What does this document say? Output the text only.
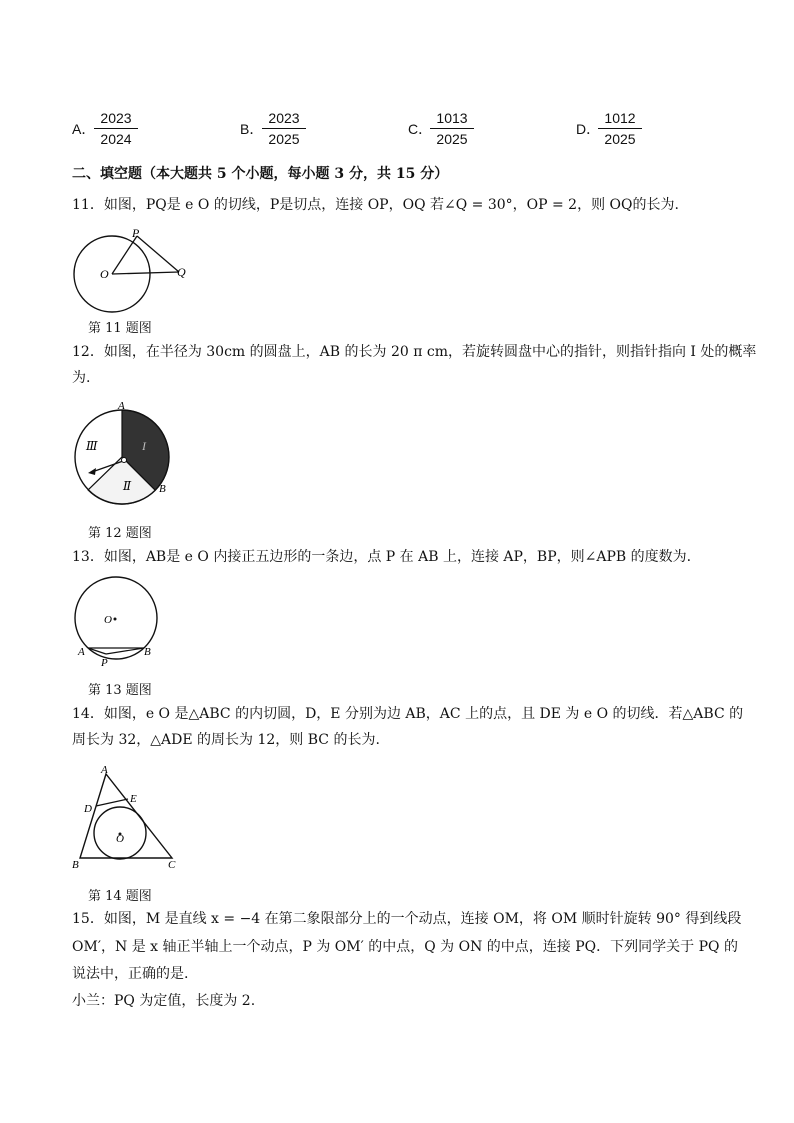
A．
$\frac{2023}{2024}$	B．
$\frac{2023}{2025}$	C．
$\frac{1013}{2025}$	D．
$\frac{1012}{2025}$
二、填空题（本大题共 5 个小题，每小题 3 分，共 15 分）
11．如图，PQ是 e O 的切线，P是切点，连接 OP，OQ 若∠Q = 30°，OP = 2，则 OQ的长为.
P
O	Q
第 11 题图
12．如图，在半径为 30cm 的圆盘上，AB 的长为 20 π cm，若旋转圆盘中心的指针，则指针指向 I 处的概率
为.
A
B
I
Ⅱ
Ⅲ
第 12 题图
13．如图，AB是 e O 内接正五边形的一条边，点 P 在 AB 上，连接 AP，BP，则∠APB 的度数为.
O
A	B
P
第 13 题图
14．如图，e O 是△ABC 的内切圆，D，E 分别为边 AB，AC 上的点，且 DE 为 e O 的切线．若△ABC 的
周长为 32，△ADE 的周长为 12，则 BC 的长为.
A
D
E
O
B	C
第 14 题图
15．如图，M 是直线 x = −4 在第二象限部分上的一个动点，连接 OM，将 OM 顺时针旋转 90° 得到线段
OM′，N 是 x 轴正半轴上一个动点，P 为 OM′ 的中点，Q 为 ON 的中点，连接 PQ．下列同学关于 PQ 的
说法中，正确的是.
小兰：PQ 为定值，长度为 2.
